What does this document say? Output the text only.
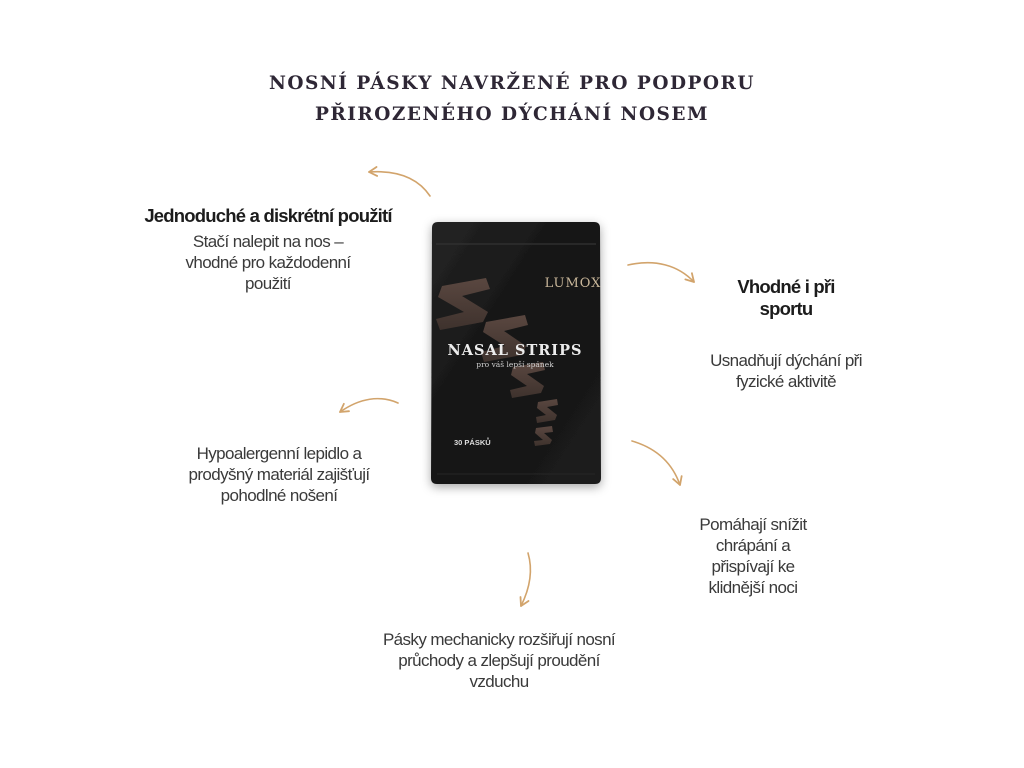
NOSNÍ PÁSKY NAVRŽENÉ PRO PODPORU
PŘIROZENÉHO DÝCHÁNÍ NOSEM
LUMOX
NASAL STRIPS
pro váš lepší spánek
30 PÁSKŮ
Jednoduché a diskrétní použití
Stačí nalepit na nos – vhodné pro každodenní použití	Vhodné i při sportu
Usnadňují dýchání při fyzické aktivitě
Hypoalergenní lepidlo a prodyšný materiál zajišťují pohodlné nošení
Pomáhají snížit chrápání a přispívají ke klidnější noci
Pásky mechanicky rozšiřují nosní průchody a zlepšují proudění vzduchu
